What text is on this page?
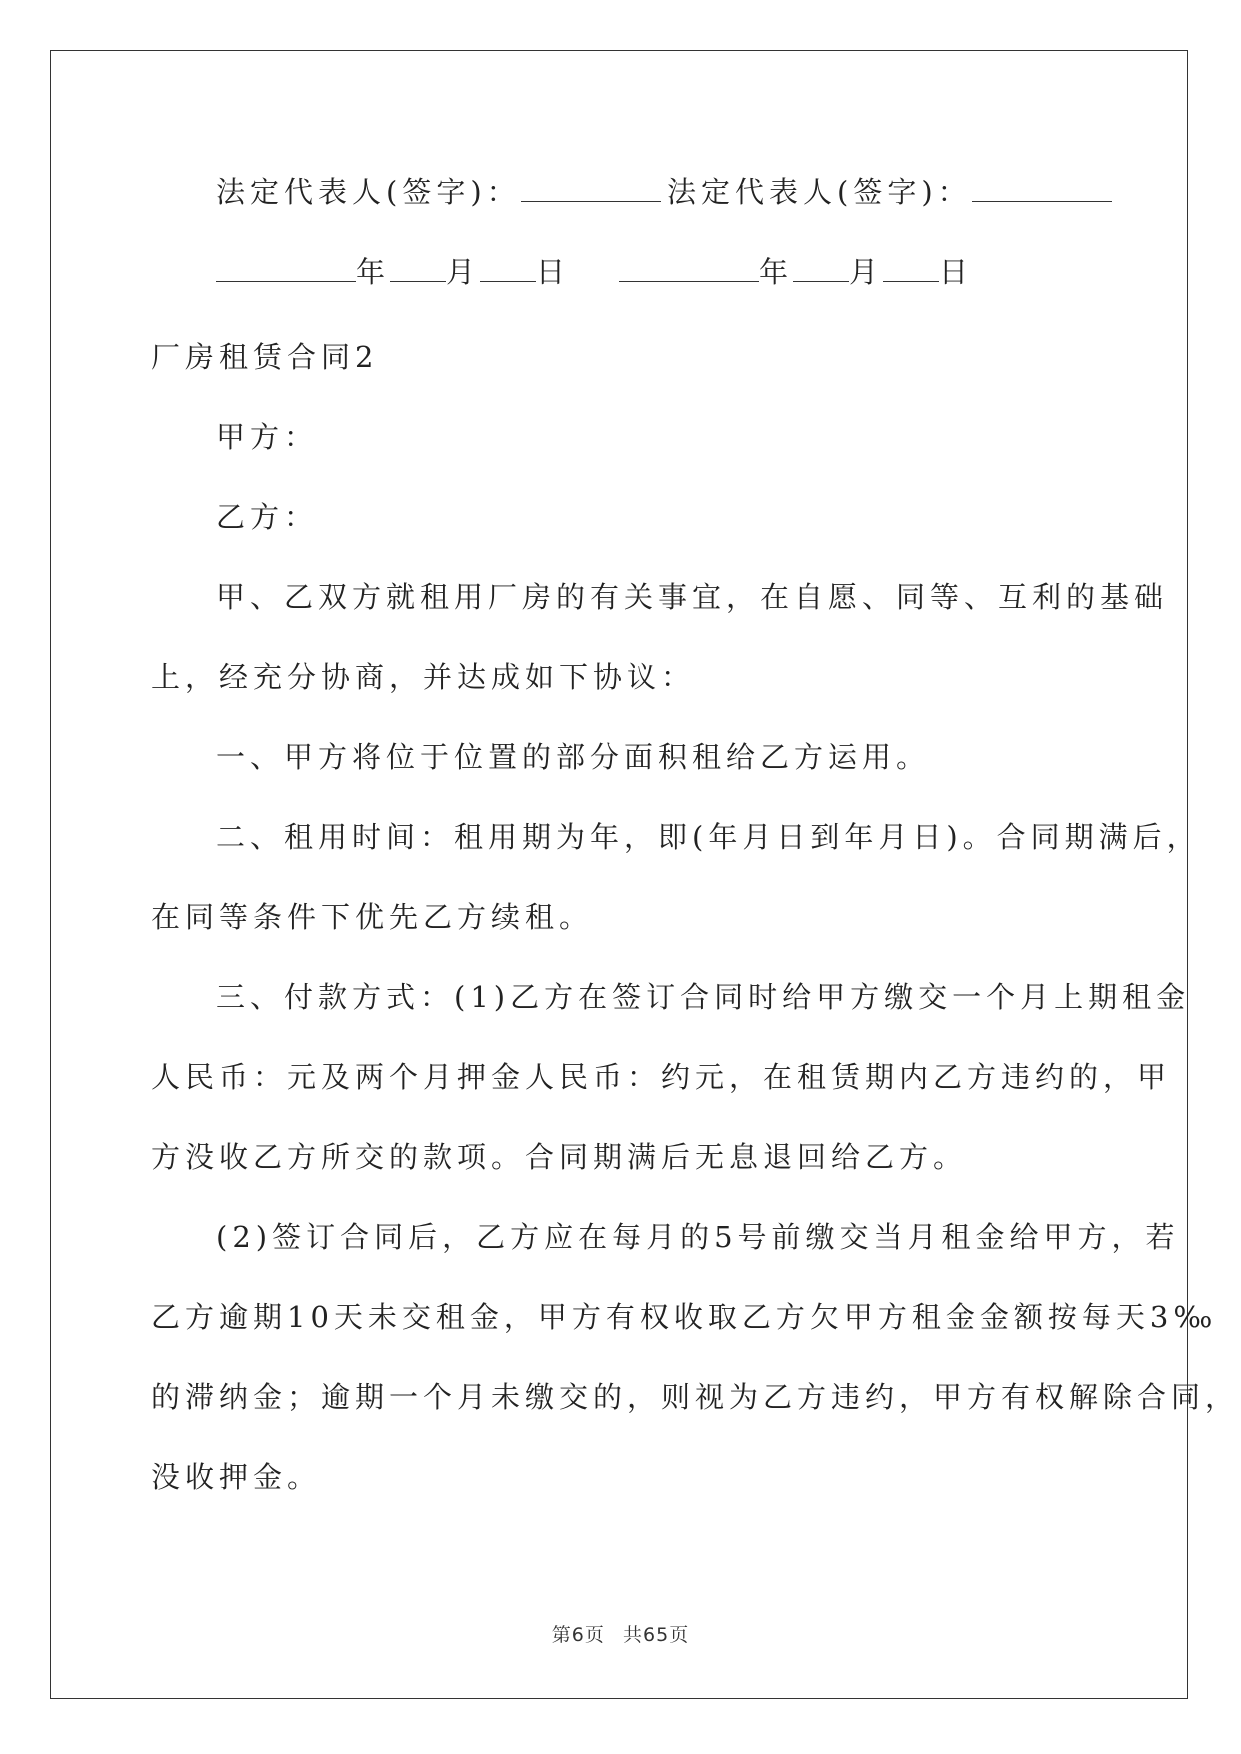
法定代表人(签字)：	法定代表人(签字)：
年 月 日	年 月 日
厂房租赁合同2
甲方：
乙方：
甲、乙双方就租用厂房的有关事宜，在自愿、同等、互利的基础
上，经充分协商，并达成如下协议：
一、甲方将位于位置的部分面积租给乙方运用。
二、租用时间：租用期为年，即(年月日到年月日)。合同期满后，
在同等条件下优先乙方续租。
三、付款方式：(1)乙方在签订合同时给甲方缴交一个月上期租金
人民币：元及两个月押金人民币：约元，在租赁期内乙方违约的，甲
方没收乙方所交的款项。合同期满后无息退回给乙方。
(2)签订合同后，乙方应在每月的5号前缴交当月租金给甲方，若
乙方逾期10天未交租金，甲方有权收取乙方欠甲方租金金额按每天3‰
的滞纳金；逾期一个月未缴交的，则视为乙方违约，甲方有权解除合同，
没收押金。
第6页 共65页
